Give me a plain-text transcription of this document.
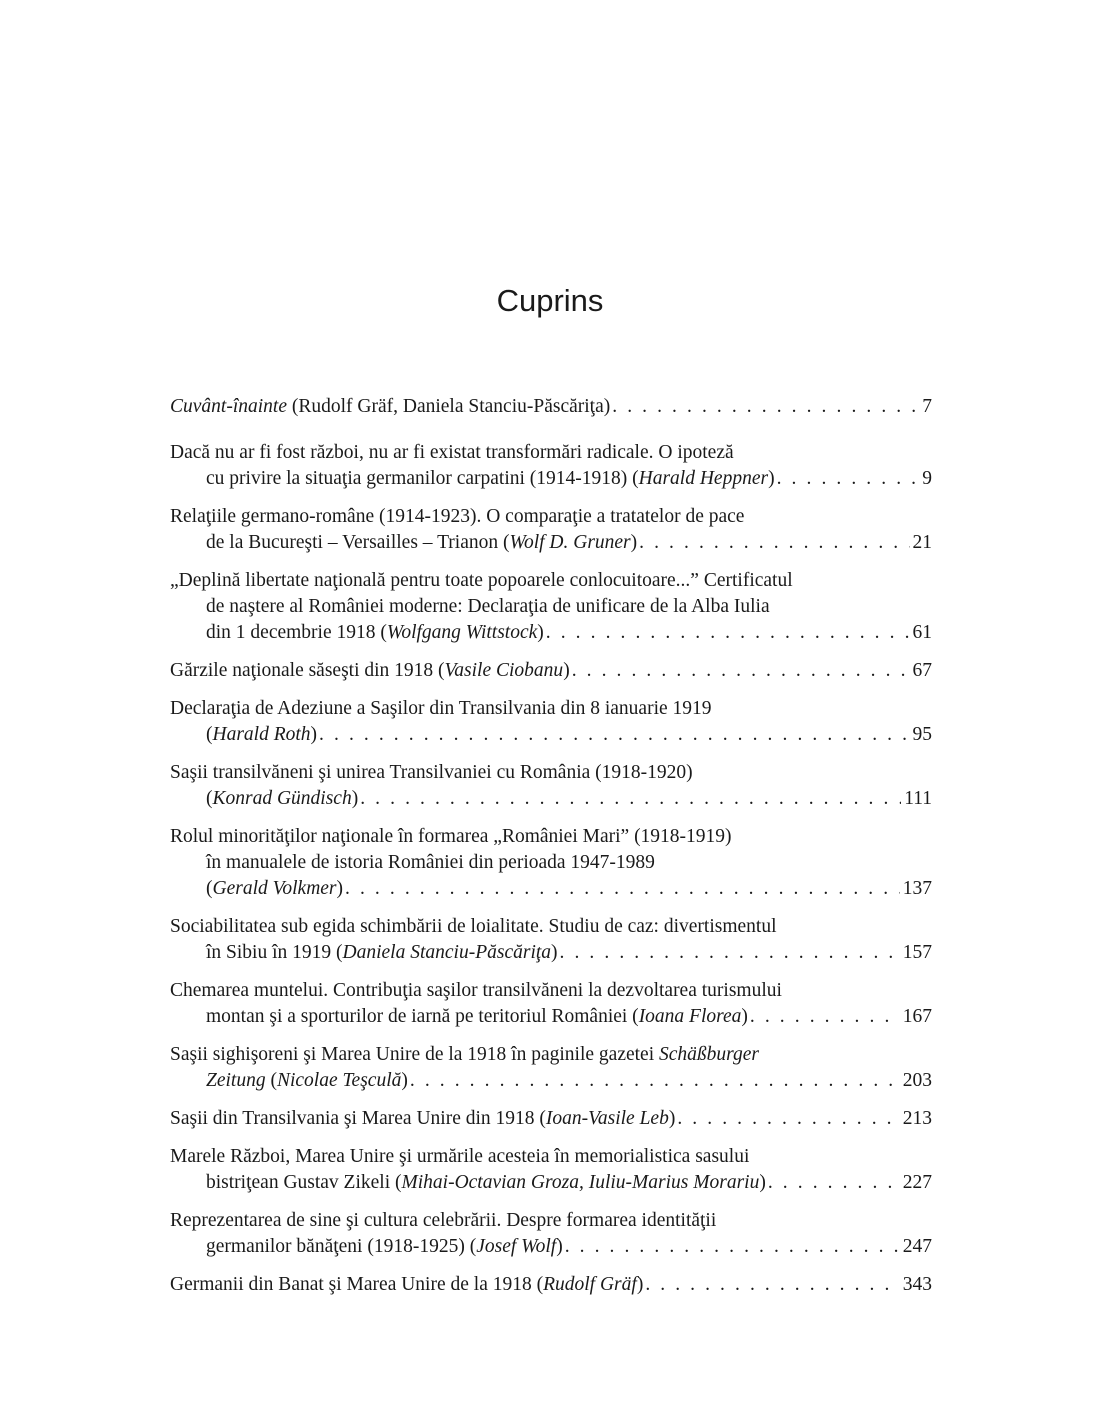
Cuprins
Cuvânt-înainte (Rudolf Gräf, Daniela Stanciu-Păscăriţa) . . .	7
Dacă nu ar fi fost război, nu ar fi existat transformări radicale. O ipoteză
cu privire la situaţia germanilor carpatini (1914-1918) (Harald Heppner) . . .	9
Relaţiile germano-române (1914-1923). O comparaţie a tratatelor de pace
de la Bucureşti – Versailles – Trianon (Wolf D. Gruner) . . .	21
„Deplină libertate naţională pentru toate popoarele conlocuitoare...” Certificatul
de naştere al României moderne: Declaraţia de unificare de la Alba Iulia
din 1 decembrie 1918 (Wolfgang Wittstock) . . .	61
Gărzile naţionale săseşti din 1918 (Vasile Ciobanu) . . .	67
Declaraţia de Adeziune a Saşilor din Transilvania din 8 ianuarie 1919
(Harald Roth) . . .	95
Saşii transilvăneni şi unirea Transilvaniei cu România (1918-1920)
(Konrad Gündisch) . . .	111
Rolul minorităţilor naţionale în formarea „României Mari” (1918-1919)
în manualele de istoria României din perioada 1947-1989
(Gerald Volkmer) . . .	137
Sociabilitatea sub egida schimbării de loialitate. Studiu de caz: divertismentul
în Sibiu în 1919 (Daniela Stanciu-Păscăriţa) . . .	157
Chemarea muntelui. Contribuţia saşilor transilvăneni la dezvoltarea turismului
montan şi a sporturilor de iarnă pe teritoriul României (Ioana Florea) . . .	167
Saşii sighişoreni şi Marea Unire de la 1918 în paginile gazetei Schäßburger
Zeitung (Nicolae Teşculă) . . .	203
Saşii din Transilvania şi Marea Unire din 1918 (Ioan-Vasile Leb) . . .	213
Marele Război, Marea Unire şi urmările acesteia în memorialistica sasului
bistriţean Gustav Zikeli (Mihai-Octavian Groza, Iuliu-Marius Morariu) . . .	227
Reprezentarea de sine şi cultura celebrării. Despre formarea identităţii
germanilor bănăţeni (1918-1925) (Josef Wolf) . . .	247
Germanii din Banat şi Marea Unire de la 1918 (Rudolf Gräf) . . .	343
